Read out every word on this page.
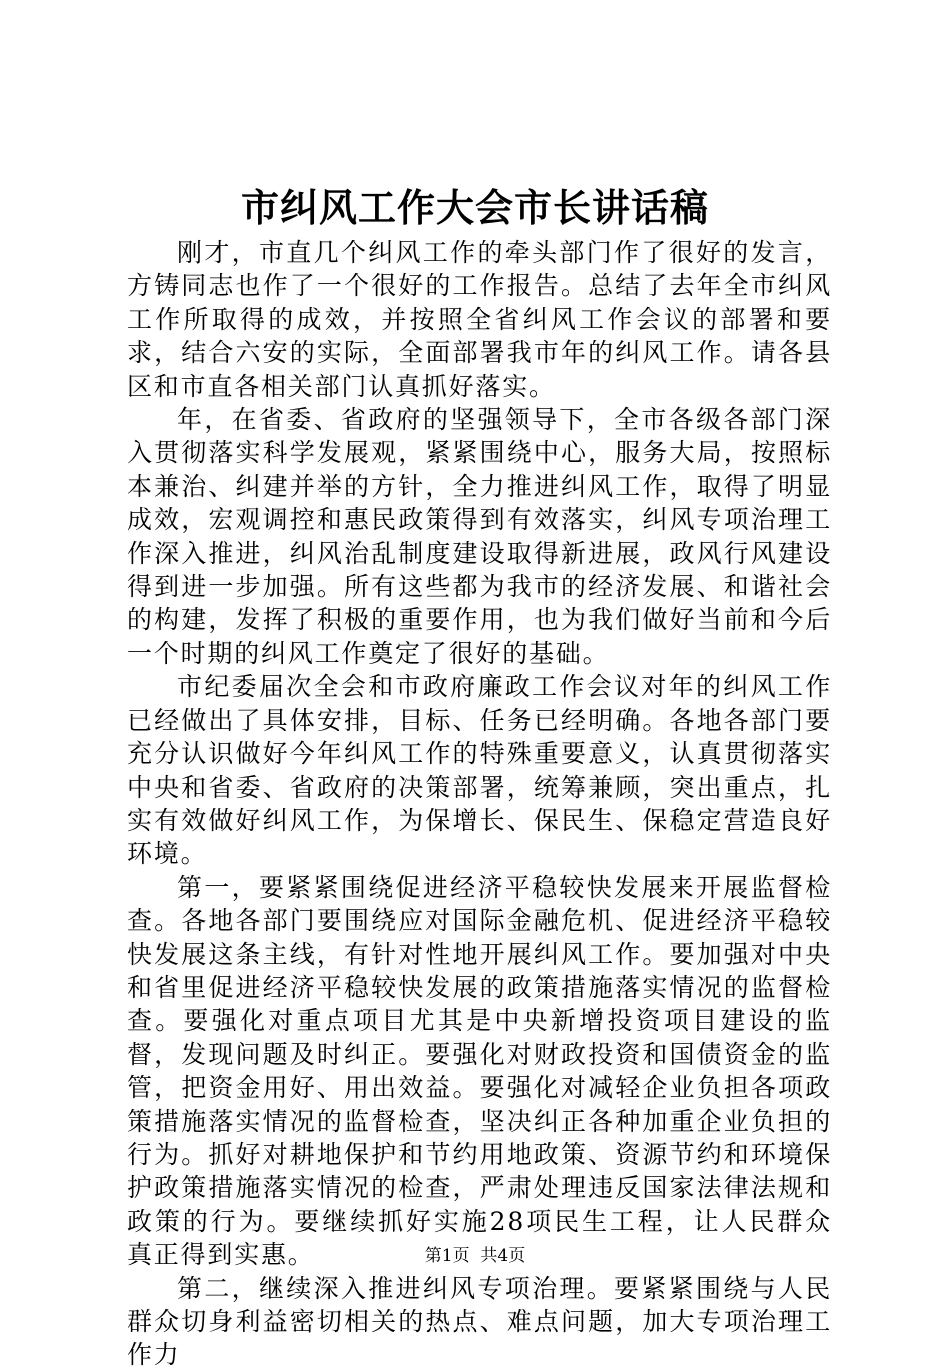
市纠风工作大会市长讲话稿

刚才，市直几个纠风工作的牵头部门作了很好的发言，方铸同志也作了一个很好的工作报告。总结了去年全市纠风工作所取得的成效，并按照全省纠风工作会议的部署和要求，结合六安的实际，全面部署我市年的纠风工作。请各县区和市直各相关部门认真抓好落实。

年，在省委、省政府的坚强领导下，全市各级各部门深入贯彻落实科学发展观，紧紧围绕中心，服务大局，按照标本兼治、纠建并举的方针，全力推进纠风工作，取得了明显成效，宏观调控和惠民政策得到有效落实，纠风专项治理工作深入推进，纠风治乱制度建设取得新进展，政风行风建设得到进一步加强。所有这些都为我市的经济发展、和谐社会的构建，发挥了积极的重要作用，也为我们做好当前和今后一个时期的纠风工作奠定了很好的基础。

市纪委届次全会和市政府廉政工作会议对年的纠风工作已经做出了具体安排，目标、任务已经明确。各地各部门要充分认识做好今年纠风工作的特殊重要意义，认真贯彻落实中央和省委、省政府的决策部署，统筹兼顾，突出重点，扎实有效做好纠风工作，为保增长、保民生、保稳定营造良好环境。

第一，要紧紧围绕促进经济平稳较快发展来开展监督检查。各地各部门要围绕应对国际金融危机、促进经济平稳较快发展这条主线，有针对性地开展纠风工作。要加强对中央和省里促进经济平稳较快发展的政策措施落实情况的监督检查。要强化对重点项目尤其是中央新增投资项目建设的监督，发现问题及时纠正。要强化对财政投资和国债资金的监管，把资金用好、用出效益。要强化对减轻企业负担各项政策措施落实情况的监督检查，坚决纠正各种加重企业负担的行为。抓好对耕地保护和节约用地政策、资源节约和环境保护政策措施落实情况的检查，严肃处理违反国家法律法规和政策的行为。要继续抓好实施28项民生工程，让人民群众真正得到实惠。

第二，继续深入推进纠风专项治理。要紧紧围绕与人民群众切身利益密切相关的热点、难点问题，加大专项治理工作力

第1页  共4页
